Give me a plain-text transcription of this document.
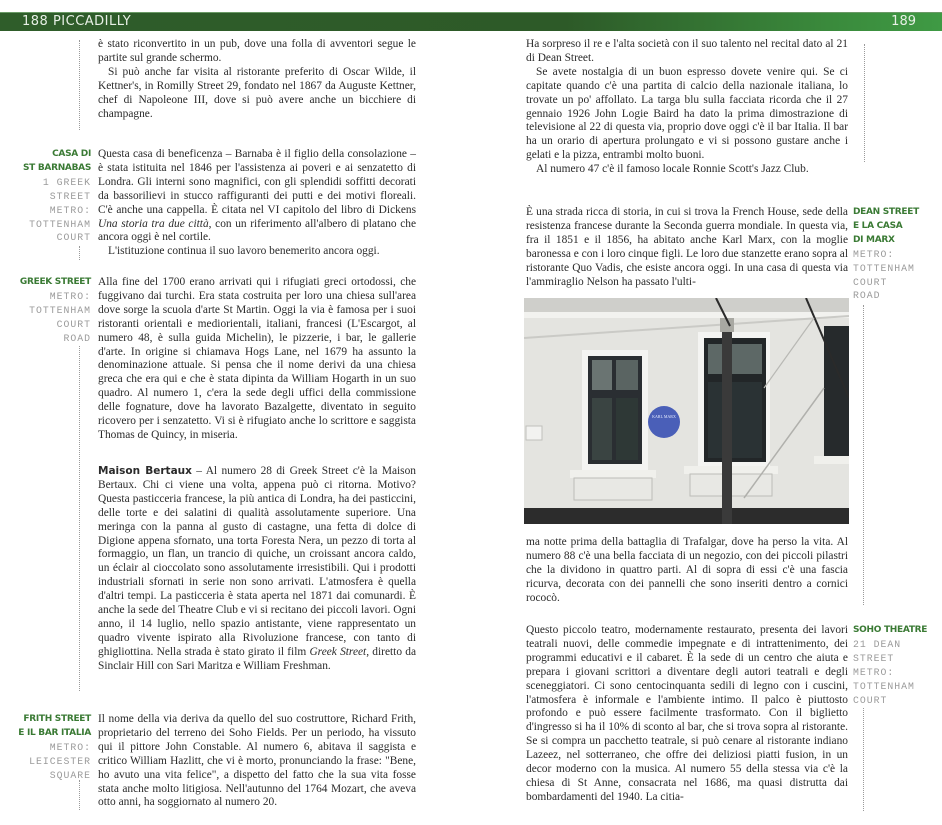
188 PICCADILLY	189

è stato riconvertito in un pub, dove una folla di avventori segue le partite sul grande schermo.

Si può anche far visita al ristorante preferito di Oscar Wilde, il Kettner's, in Romilly Street 29, fondato nel 1867 da Auguste Kettner, chef di Napoleone III, dove si può avere anche un bicchiere di champagne.

CASA DI
ST BARNABAS
1 GREEK
STREET
METRO:
TOTTENHAM
COURT

Questa casa di beneficenza – Barnaba è il figlio della consolazione – è stata istituita nel 1846 per l'assistenza ai poveri e ai senzatetto di Londra. Gli interni sono magnifici, con gli splendidi soffitti decorati da bassorilievi in stucco raffiguranti dei putti e dei motivi floreali. C'è anche una cappella. È citata nel VI capitolo del libro di Dickens Una storia tra due città, con un riferimento all'albero di platano che ancora oggi è nel cortile.

L'istituzione continua il suo lavoro benemerito ancora oggi.

GREEK STREET
METRO:
TOTTENHAM
COURT
ROAD

Alla fine del 1700 erano arrivati qui i rifugiati greci ortodossi, che fuggivano dai turchi. Era stata costruita per loro una chiesa sull'area dove sorge la scuola d'arte St Martin. Oggi la via è famosa per i suoi ristoranti orientali e mediorientali, italiani, francesi (L'Escargot, al numero 48, è sulla guida Michelin), le pizzerie, i bar, le gallerie d'arte. In origine si chiamava Hogs Lane, nel 1679 ha assunto la denominazione attuale. Si pensa che il nome derivi da una chiesa greca che era qui e che è stata dipinta da William Hogarth in un suo quadro. Al numero 1, c'era la sede degli uffici della commissione delle fognature, dove ha lavorato Bazalgette, diventato in seguito ricovero per i senzatetto. Vi si è rifugiato anche lo scrittore e saggista Thomas de Quincy, in miseria.

Maison Bertaux – Al numero 28 di Greek Street c'è la Maison Bertaux. Chi ci viene una volta, appena può ci ritorna. Motivo? Questa pasticceria francese, la più antica di Londra, ha dei pasticcini, delle torte e dei salatini di qualità assolutamente superiore. Una meringa con la panna al gusto di castagne, una fetta di dolce di Digione appena sfornato, una torta Foresta Nera, un pezzo di torta al formaggio, un flan, un trancio di quiche, un croissant ancora caldo, un éclair al cioccolato sono assolutamente irresistibili. Qui i prodotti industriali sfornati in serie non sono arrivati. L'atmosfera è quella d'altri tempi. La pasticceria è stata aperta nel 1871 dai comunardi. È anche la sede del Theatre Club e vi si recitano dei piccoli lavori. Ogni anno, il 14 luglio, nello spazio antistante, viene rappresentato un quadro vivente ispirato alla Rivoluzione francese, con tanto di ghigliottina. Nella strada è stato girato il film Greek Street, diretto da Sinclair Hill con Sari Maritza e William Freshman.

FRITH STREET
E IL BAR ITALIA
METRO:
LEICESTER
SQUARE

Il nome della via deriva da quello del suo costruttore, Richard Frith, proprietario del terreno dei Soho Fields. Per un periodo, ha vissuto qui il pittore John Constable. Al numero 6, abitava il saggista e critico William Hazlitt, che vi è morto, pronunciando la frase: "Bene, ho avuto una vita felice", a dispetto del fatto che la sua vita fosse stata anche molto litigiosa. Nell'autunno del 1764 Mozart, che aveva otto anni, ha soggiornato al numero 20.

Ha sorpreso il re e l'alta società con il suo talento nel recital dato al 21 di Dean Street.

Se avete nostalgia di un buon espresso dovete venire qui. Se ci capitate quando c'è una partita di calcio della nazionale italiana, lo trovate un po' affollato. La targa blu sulla facciata ricorda che il 27 gennaio 1926 John Logie Baird ha dato la prima dimostrazione di televisione al 22 di questa via, proprio dove oggi c'è il bar Italia. Il bar ha un orario di apertura prolungato e vi si possono gustare anche i gelati e la pizza, entrambi molto buoni.

Al numero 47 c'è il famoso locale Ronnie Scott's Jazz Club.

DEAN STREET
E LA CASA
DI MARX
METRO:
TOTTENHAM
COURT
ROAD

È una strada ricca di storia, in cui si trova la French House, sede della resistenza francese durante la Seconda guerra mondiale. In questa via, fra il 1851 e il 1856, ha abitato anche Karl Marx, con la moglie baronessa e con i loro cinque figli. Le loro due stanzette erano sopra al ristorante Quo Vadis, che esiste ancora oggi. In una casa di questa via l'ammiraglio Nelson ha passato l'ulti-

KARL MARX

ma notte prima della battaglia di Trafalgar, dove ha perso la vita. Al numero 88 c'è una bella facciata di un negozio, con dei piccoli pilastri che la dividono in quattro parti. Al di sopra di essi c'è una fascia ricurva, decorata con dei pannelli che sono inseriti dentro a cornici rococò.

SOHO THEATRE
21 DEAN
STREET
METRO:
TOTTENHAM
COURT

Questo piccolo teatro, modernamente restaurato, presenta dei lavori teatrali nuovi, delle commedie impegnate e di intrattenimento, dei programmi educativi e il cabaret. È la sede di un centro che aiuta e prepara i giovani scrittori a diventare degli autori teatrali e degli sceneggiatori. Ci sono centocinquanta sedili di legno con i cuscini, l'atmosfera è informale e l'ambiente intimo. Il palco è piuttosto profondo e può essere facilmente trasformato. Con il biglietto d'ingresso si ha il 10% di sconto al bar, che si trova sopra al ristorante. Se si compra un pacchetto teatrale, si può cenare al ristorante indiano Lazeez, nel sotterraneo, che offre dei deliziosi piatti fusion, in un decor moderno con la musica. Al numero 55 della stessa via c'è la chiesa di St Anne, consacrata nel 1686, ma quasi distrutta dai bombardamenti del 1940. La citia-
